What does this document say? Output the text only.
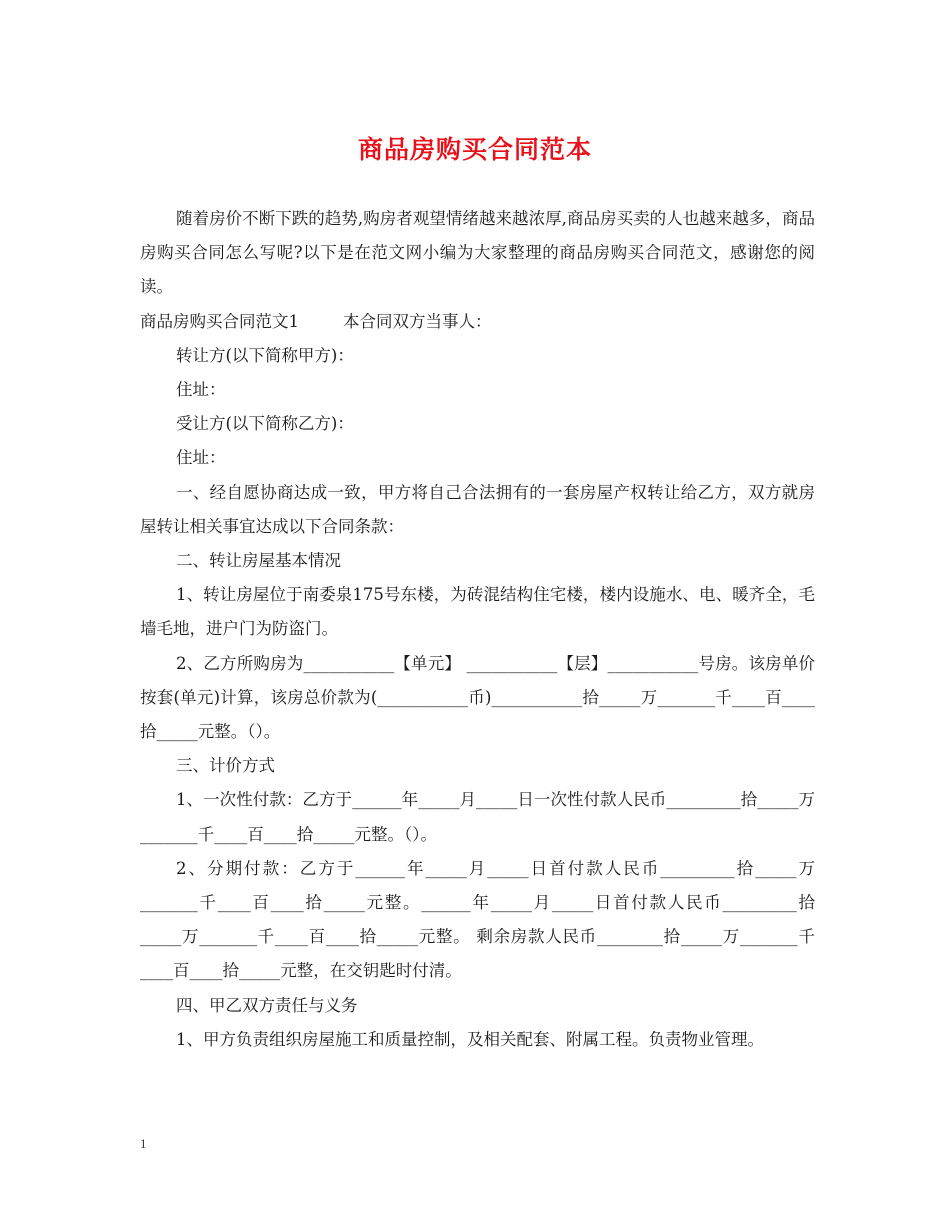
商品房购买合同范本

随着房价不断下跌的趋势,购房者观望情绪越来越浓厚,商品房买卖的人也越来越多，商品房购买合同怎么写呢?以下是在范文网小编为大家整理的商品房购买合同范文，感谢您的阅读。

商品房购买合同范文1	本合同双方当事人：

转让方(以下简称甲方)：

住址：

受让方(以下简称乙方)：

住址：

一、经自愿协商达成一致，甲方将自己合法拥有的一套房屋产权转让给乙方，双方就房屋转让相关事宜达成以下合同条款：

二、转让房屋基本情况

1、转让房屋位于南委泉175号东楼，为砖混结构住宅楼，楼内设施水、电、暖齐全，毛墙毛地，进户门为防盗门。

2、乙方所购房为___________【单元】 ___________【层】___________号房。该房单价按套(单元)计算，该房总价款为(___________币)___________拾_____万_______千____百____拾_____元整。（）。

三、计价方式

1、一次性付款：乙方于______年_____月_____日一次性付款人民币_________拾_____万_______千____百____拾_____元整。（）。

2、分期付款：乙方于______年_____月_____日首付款人民币_________拾_____万_______千____百____拾_____元整。______年_____月_____日首付款人民币_________拾_____万_______千____百____拾_____元整。 剩余房款人民币________拾_____万_______千____百____拾_____元整，在交钥匙时付清。

四、甲乙双方责任与义务

1、甲方负责组织房屋施工和质量控制，及相关配套、附属工程。负责物业管理。

1
